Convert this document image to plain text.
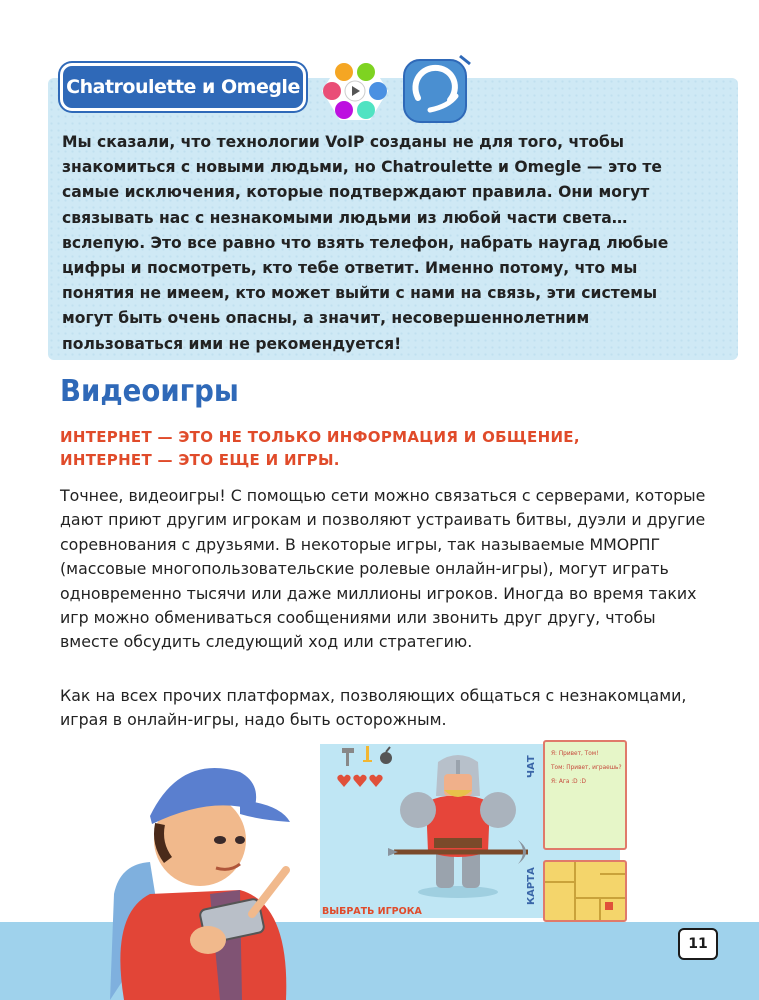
Chatroulette и Omegle
Мы сказали, что технологии VoIP созданы не для того, чтобы знакомиться с новыми людьми, но Chatroulette и Omegle — это те самые исключения, которые подтверждают правила. Они могут связывать нас с незнакомыми людьми из любой части света… вслепую. Это все равно что взять телефон, набрать наугад любые цифры и посмотреть, кто тебе ответит. Именно потому, что мы понятия не имеем, кто может выйти с нами на связь, эти системы могут быть очень опасны, а значит, несовершеннолетним пользоваться ими не рекомендуется!
Видеоигры
ИНТЕРНЕТ — ЭТО НЕ ТОЛЬКО ИНФОРМАЦИЯ И ОБЩЕНИЕ, ИНТЕРНЕТ — ЭТО ЕЩЕ И ИГРЫ.
Точнее, видеоигры! С помощью сети можно связаться с серверами, которые дают приют другим игрокам и позволяют устраивать битвы, дуэли и другие соревнования с друзьями. В некоторые игры, так называемые ММОРПГ (массовые многопользовательские ролевые онлайн-игры), могут играть одновременно тысячи или даже миллионы игроков. Иногда во время таких игр можно обмениваться сообщениями или звонить друг другу, чтобы вместе обсудить следующий ход или стратегию.
Как на всех прочих платформах, позволяющих общаться с незнакомцами, играя в онлайн-игры, надо быть осторожным.
Я: Привет, Том!
Том: Привет, играешь?
Я: Ага :D :D
ЧАТ
КАРТА
ВЫБРАТЬ ИГРОКА
11
